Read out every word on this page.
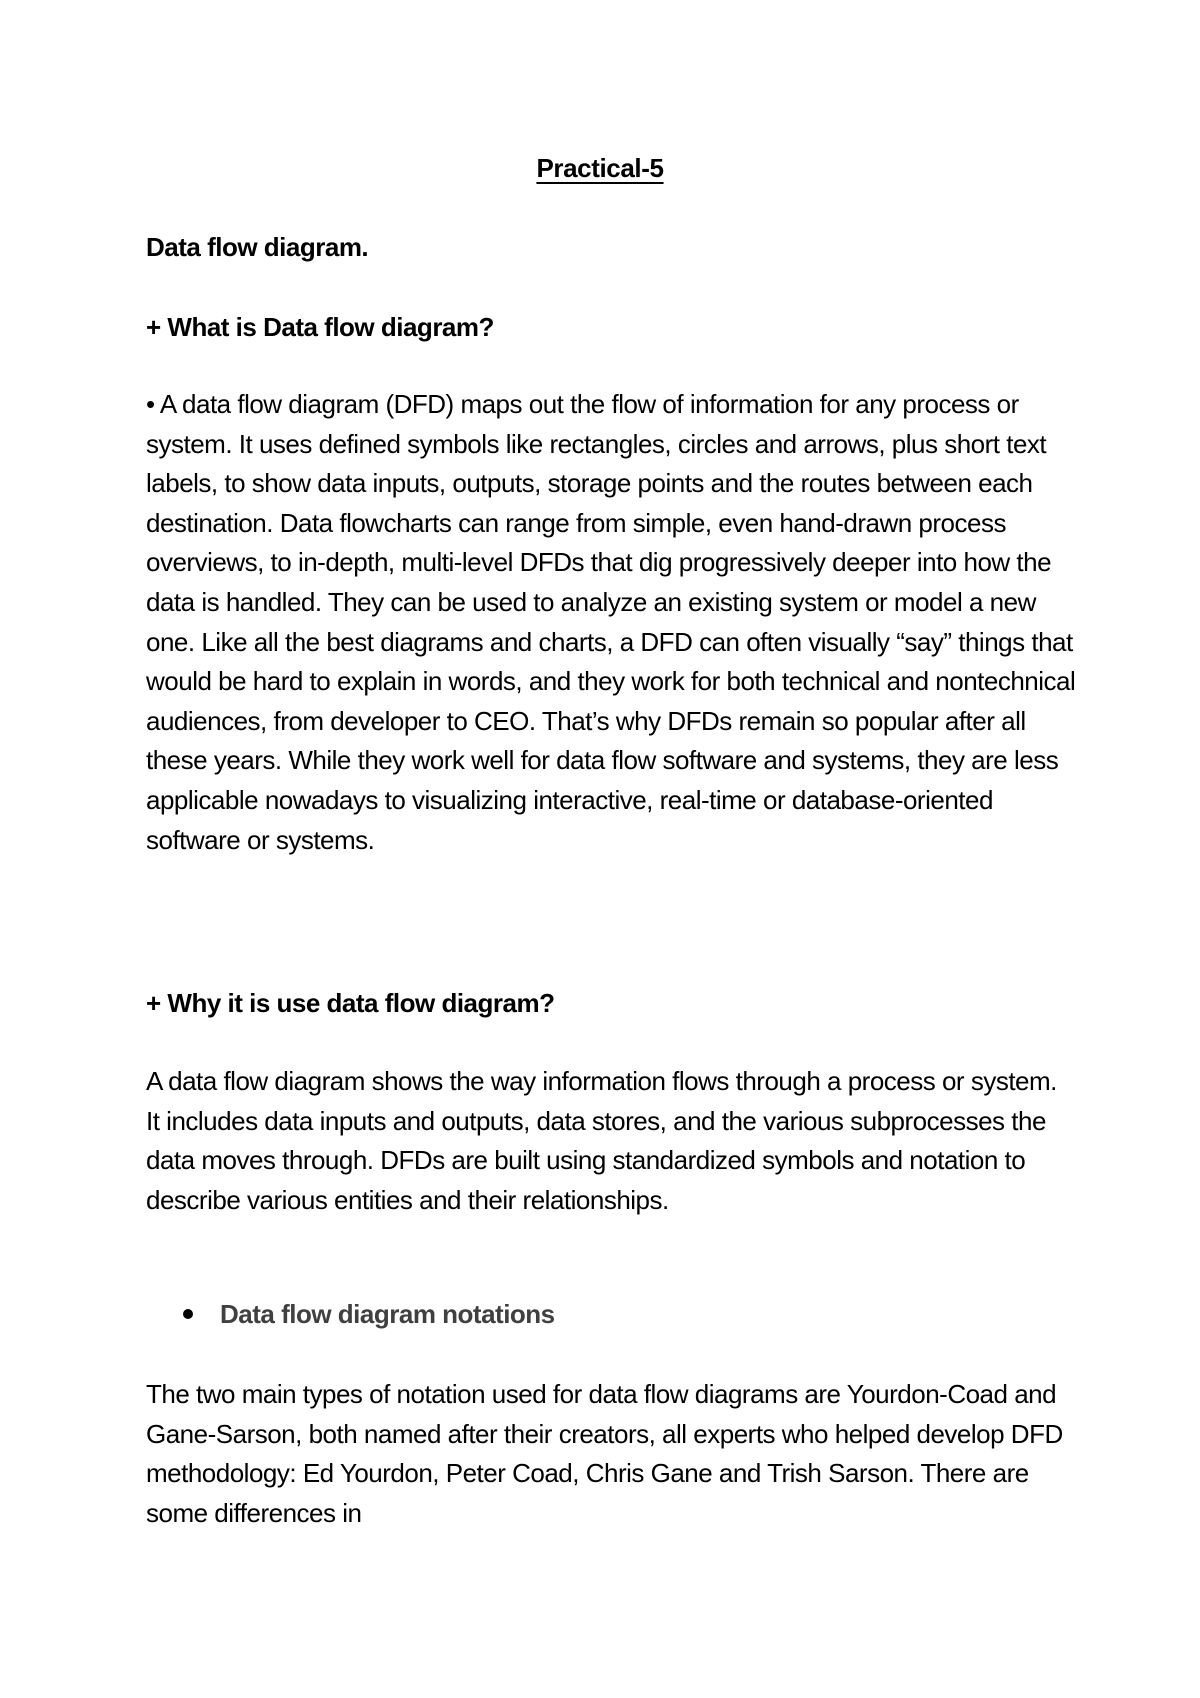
Practical-5

Data flow diagram.

+ What is Data flow diagram?

• A data flow diagram (DFD) maps out the flow of information for any process or system. It uses defined symbols like rectangles, circles and arrows, plus short text labels, to show data inputs, outputs, storage points and the routes between each destination. Data flowcharts can range from simple, even hand-drawn process overviews, to in-depth, multi-level DFDs that dig progressively deeper into how the data is handled. They can be used to analyze an existing system or model a new one. Like all the best diagrams and charts, a DFD can often visually “say” things that would be hard to explain in words, and they work for both technical and nontechnical audiences, from developer to CEO. That’s why DFDs remain so popular after all these years. While they work well for data flow software and systems, they are less applicable nowadays to visualizing interactive, real-time or database-oriented software or systems.

+ Why it is use data flow diagram?

A data flow diagram shows the way information flows through a process or system. It includes data inputs and outputs, data stores, and the various subprocesses the data moves through. DFDs are built using standardized symbols and notation to describe various entities and their relationships.

Data flow diagram notations

The two main types of notation used for data flow diagrams are Yourdon-Coad and Gane-Sarson, both named after their creators, all experts who helped develop DFD methodology: Ed Yourdon, Peter Coad, Chris Gane and Trish Sarson. There are some differences in
